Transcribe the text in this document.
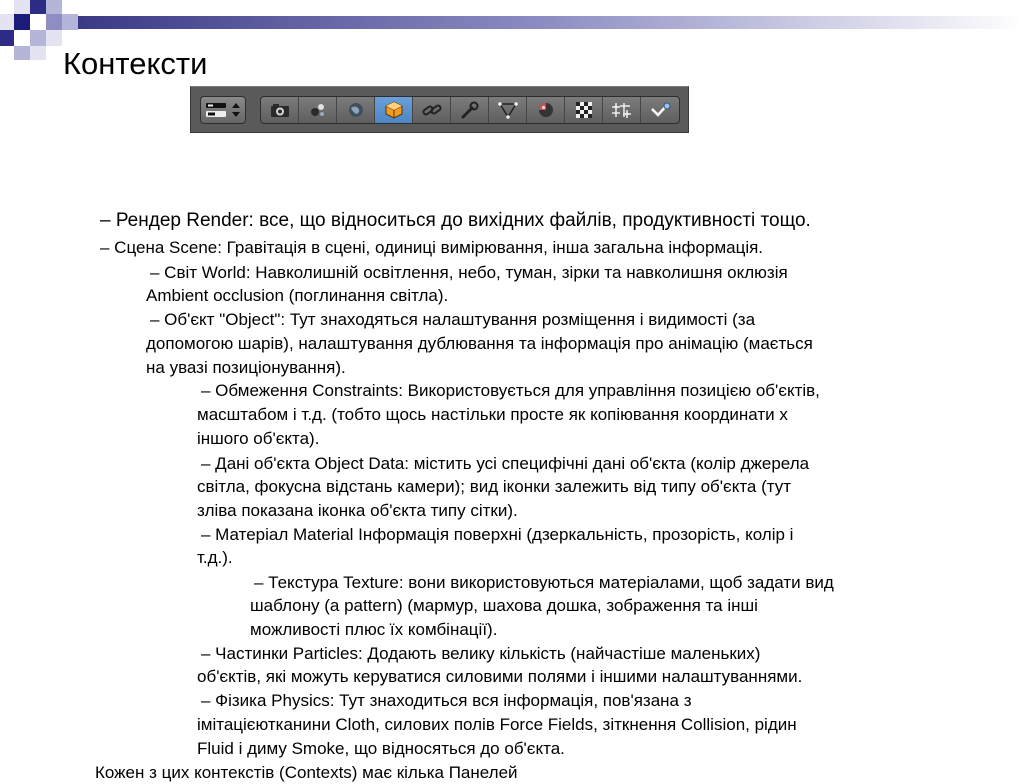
Контексти
– Рендер Render: все, що відноситься до вихідних файлів, продуктивності тощо.
– Сцена Scene: Гравітація в сцені, одиниці вимірювання, інша загальна інформація.
– Світ World: Навколишній освітлення, небо, туман, зірки та навколишня оклюзія
Ambient occlusion (поглинання світла).
– Об'єкт "Object": Тут знаходяться налаштування розміщення і видимості (за
допомогою шарів), налаштування дублювання та інформація про анімацію (мається
на увазі позиціонування).
– Обмеження Constraints: Використовується для управління позицією об'єктів,
масштабом і т.д. (тобто щось настільки просте як копіювання координати x
іншого об'єкта).
– Дані об'єкта Object Data: містить усі специфічні дані об'єкта (колір джерела
світла, фокусна відстань камери); вид іконки залежить від типу об'єкта (тут
зліва показана іконка об'єкта типу сітки).
– Матеріал Material Інформація поверхні (дзеркальність, прозорість, колір і
т.д.).
– Текстура Texture: вони використовуються матеріалами, щоб задати вид
шаблону (а pattern) (мармур, шахова дошка, зображення та інші
можливості плюс їх комбінації).
– Частинки Particles: Додають велику кількість (найчастіше маленьких)
об'єктів, які можуть керуватися силовими полями і іншими налаштуваннями.
– Фізика Physics: Тут знаходиться вся інформація, пов'язана з
імітацієютканини Cloth, силових полів Force Fields, зіткнення Collision, рідин
Fluid і диму Smoke, що відносяться до об'єкта.
Кожен з цих контекстів (Contexts) має кілька Панелей
